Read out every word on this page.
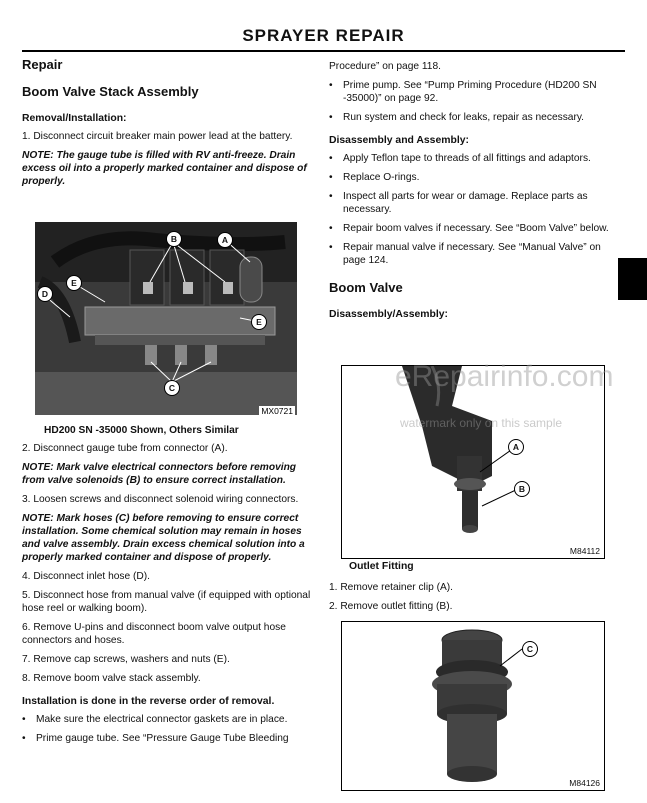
SPRAYER REPAIR
Repair
Boom Valve Stack Assembly
Removal/Installation:

1. Disconnect circuit breaker main power lead at the battery.

NOTE: The gauge tube is filled with RV anti-freeze. Drain excess oil into a properly marked container and dispose of properly.

A
B
E
D
E
C
MX0721
HD200 SN -35000 Shown, Others Similar

2. Disconnect gauge tube from connector (A).

NOTE: Mark valve electrical connectors before removing from valve solenoids (B) to ensure correct installation.

3. Loosen screws and disconnect solenoid wiring connectors.

NOTE: Mark hoses (C) before removing to ensure correct installation. Some chemical solution may remain in hoses and valve assembly. Drain excess chemical solution into a properly marked container and dispose of properly.

4. Disconnect inlet hose (D).

5. Disconnect hose from manual valve (if equipped with optional hose reel or walking boom).

6. Remove U-pins and disconnect boom valve output hose connectors and hoses.

7. Remove cap screws, washers and nuts (E).

8. Remove boom valve stack assembly.

Installation is done in the reverse order of removal.

• Make sure the electrical connector gaskets are in place.

• Prime gauge tube. See “Pressure Gauge Tube Bleeding

Procedure” on page 118.

• Prime pump. See “Pump Priming Procedure (HD200 SN -35000)” on page 92.

• Run system and check for leaks, repair as necessary.

Disassembly and Assembly:

• Apply Teflon tape to threads of all fittings and adaptors.

• Replace O-rings.

• Inspect all parts for wear or damage. Replace parts as necessary.

• Repair boom valves if necessary. See “Boom Valve” below.

• Repair manual valve if necessary. See “Manual Valve” on page 124.

Boom Valve
Disassembly/Assembly:
A
B
M84112
Outlet Fitting

1. Remove retainer clip (A).

2. Remove outlet fitting (B).

C
M84126
eRepairinfo.com
watermark only on this sample
